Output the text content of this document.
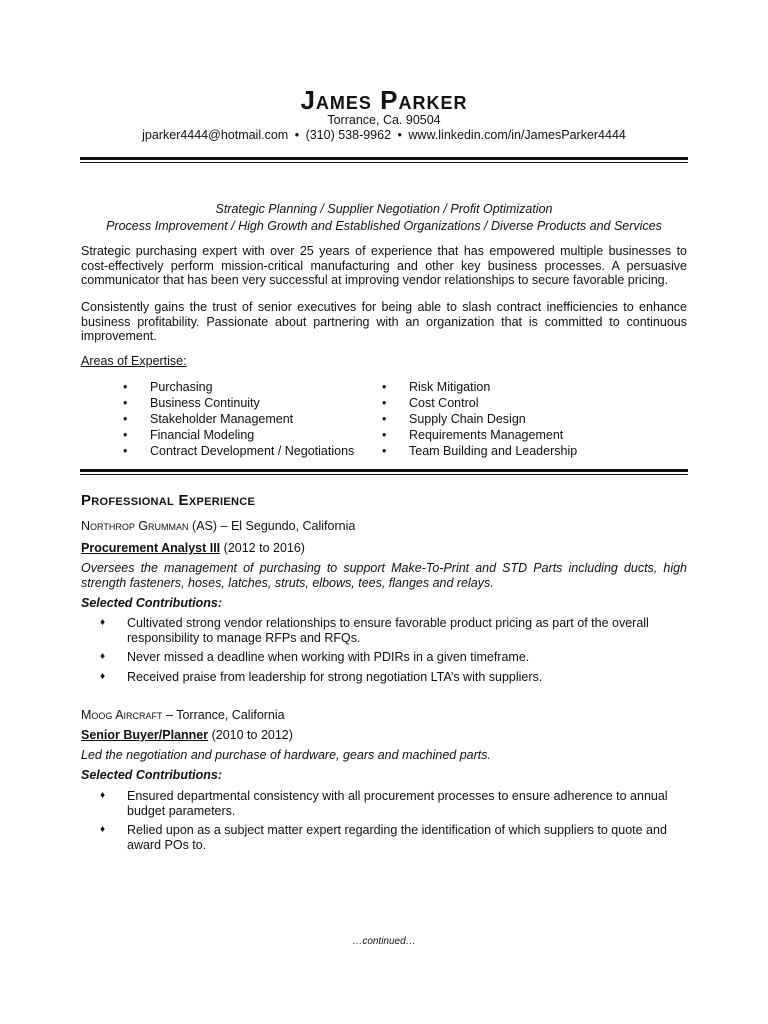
James Parker
Torrance, Ca. 90504
jparker4444@hotmail.com • (310) 538-9962 • www.linkedin.com/in/JamesParker4444
Strategic Planning / Supplier Negotiation / Profit Optimization
Process Improvement / High Growth and Established Organizations / Diverse Products and Services

Strategic purchasing expert with over 25 years of experience that has empowered multiple businesses to cost-effectively perform mission-critical manufacturing and other key business processes. A persuasive communicator that has been very successful at improving vendor relationships to secure favorable pricing.

Consistently gains the trust of senior executives for being able to slash contract inefficiencies to enhance business profitability. Passionate about partnering with an organization that is committed to continuous improvement.

Areas of Expertise:
• Purchasing
• Business Continuity
• Stakeholder Management
• Financial Modeling
• Contract Development / Negotiations
• Risk Mitigation
• Cost Control
• Supply Chain Design
• Requirements Management
• Team Building and Leadership
Professional Experience
Northrop Grumman (AS) – El Segundo, California
Procurement Analyst III (2012 to 2016)

Oversees the management of purchasing to support Make-To-Print and STD Parts including ducts, high strength fasteners, hoses, latches, struts, elbows, tees, flanges and relays.

Selected Contributions:
♦ Cultivated strong vendor relationships to ensure favorable product pricing as part of the overall responsibility to manage RFPs and RFQs.
♦ Never missed a deadline when working with PDIRs in a given timeframe.
♦ Received praise from leadership for strong negotiation LTA’s with suppliers.
Moog Aircraft – Torrance, California
Senior Buyer/Planner (2010 to 2012)

Led the negotiation and purchase of hardware, gears and machined parts.

Selected Contributions:
♦ Ensured departmental consistency with all procurement processes to ensure adherence to annual budget parameters.
♦ Relied upon as a subject matter expert regarding the identification of which suppliers to quote and award POs to.
…continued…
